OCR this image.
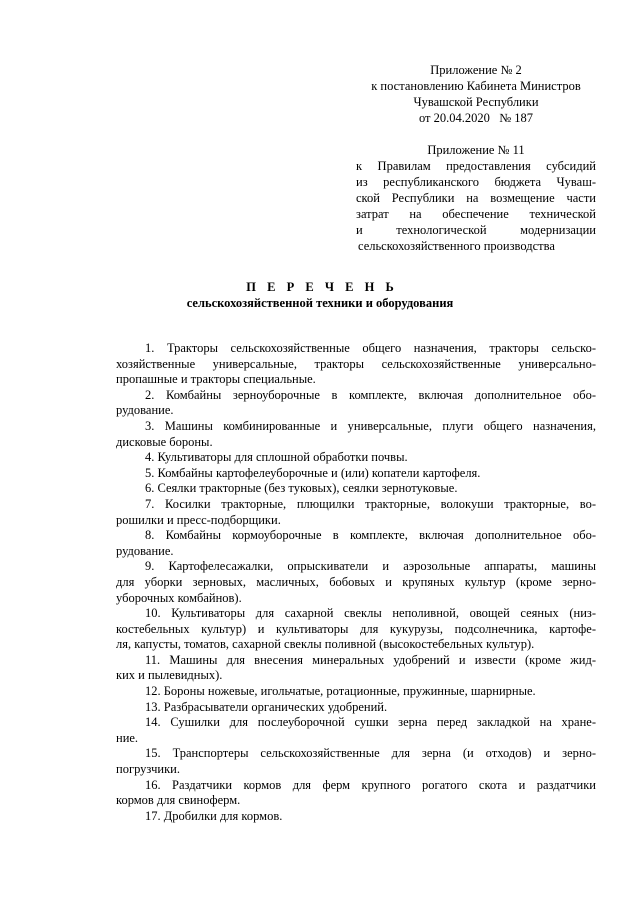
Приложение № 2
к постановлению Кабинета Министров
Чувашской Республики
от 20.04.2020   № 187
Приложение № 11
к Правилам предоставления субсидий
из республиканского бюджета Чуваш-
ской Республики на возмещение части
затрат на обеспечение технической
и технологической модернизации
сельскохозяйственного производства
П Е Р Е Ч Е Н Ь
сельскохозяйственной техники и оборудования
1. Тракторы сельскохозяйственные общего назначения, тракторы сельско-
хозяйственные универсальные, тракторы сельскохозяйственные универсально-
пропашные и тракторы специальные.
2. Комбайны зерноуборочные в комплекте, включая дополнительное обо-
рудование.
3. Машины комбинированные и универсальные, плуги общего назначения,
дисковые бороны.
4. Культиваторы для сплошной обработки почвы.
5. Комбайны картофелеуборочные и (или) копатели картофеля.
6. Сеялки тракторные (без туковых), сеялки зернотуковые.
7. Косилки тракторные, плющилки тракторные, волокуши тракторные, во-
рошилки и пресс-подборщики.
8. Комбайны кормоуборочные в комплекте, включая дополнительное обо-
рудование.
9. Картофелесажалки, опрыскиватели и аэрозольные аппараты, машины
для уборки зерновых, масличных, бобовых и крупяных культур (кроме зерно-
уборочных комбайнов).
10. Культиваторы для сахарной свеклы неполивной, овощей сеяных (низ-
костебельных культур) и культиваторы для кукурузы, подсолнечника, картофе-
ля, капусты, томатов, сахарной свеклы поливной (высокостебельных культур).
11. Машины для внесения минеральных удобрений и извести (кроме жид-
ких и пылевидных).
12. Бороны ножевые, игольчатые, ротационные, пружинные, шарнирные.
13. Разбрасыватели органических удобрений.
14. Сушилки для послеуборочной сушки зерна перед закладкой на хране-
ние.
15. Транспортеры сельскохозяйственные для зерна (и отходов) и зерно-
погрузчики.
16. Раздатчики кормов для ферм крупного рогатого скота и раздатчики
кормов для свиноферм.
17. Дробилки для кормов.
